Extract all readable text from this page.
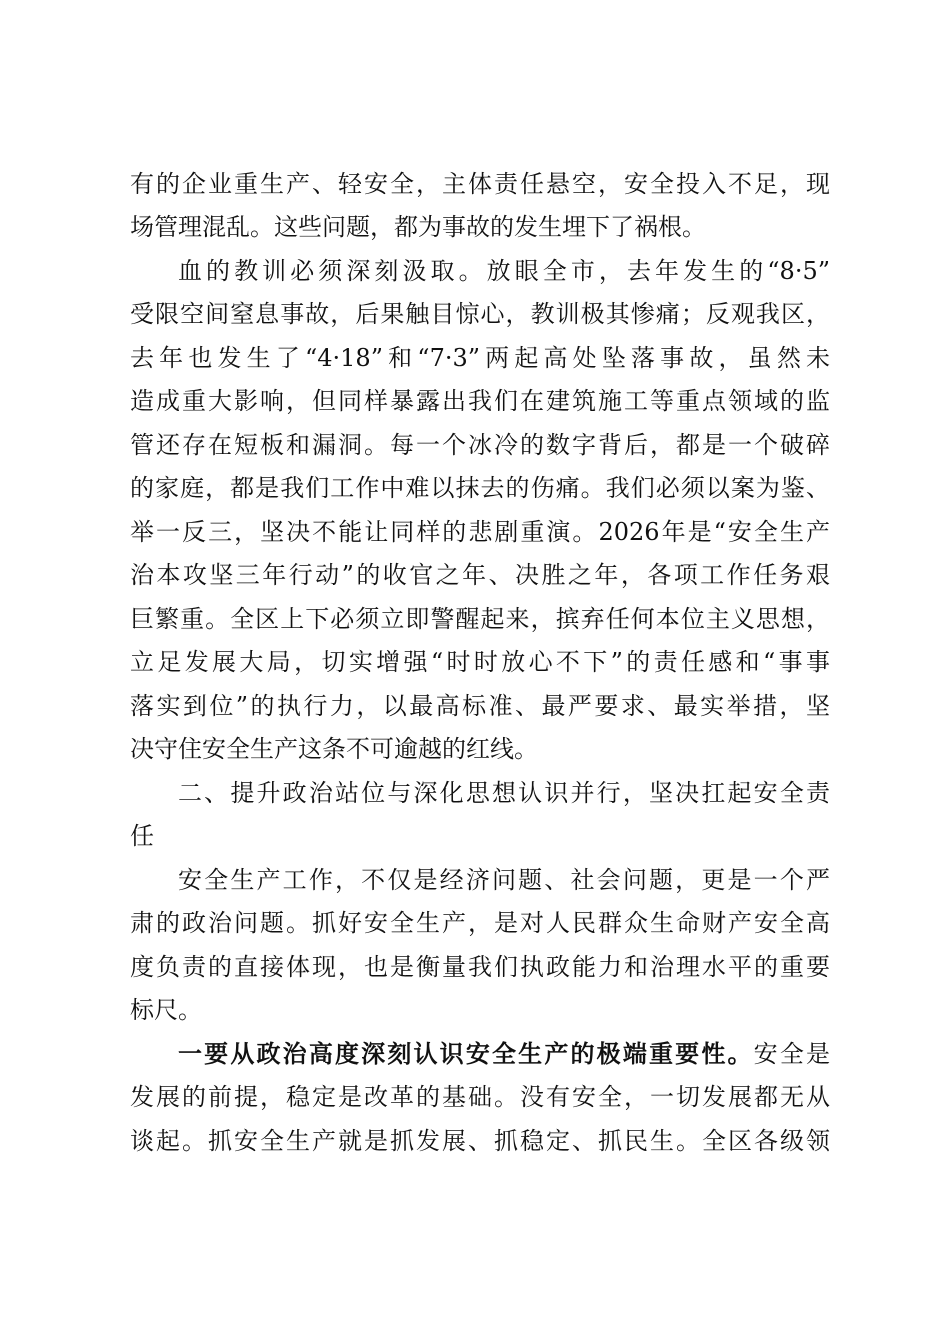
有的企业重生产、轻安全，主体责任悬空，安全投入不足，现
场管理混乱。这些问题，都为事故的发生埋下了祸根。
血的教训必须深刻汲取。放眼全市，去年发生的“8·5”
受限空间窒息事故，后果触目惊心，教训极其惨痛；反观我区，
去年也发生了“4·18”和“7·3”两起高处坠落事故，虽然未
造成重大影响，但同样暴露出我们在建筑施工等重点领域的监
管还存在短板和漏洞。每一个冰冷的数字背后，都是一个破碎
的家庭，都是我们工作中难以抹去的伤痛。我们必须以案为鉴、
举一反三，坚决不能让同样的悲剧重演。2026年是“安全生产
治本攻坚三年行动”的收官之年、决胜之年，各项工作任务艰
巨繁重。全区上下必须立即警醒起来，摈弃任何本位主义思想，
立足发展大局，切实增强“时时放心不下”的责任感和“事事
落实到位”的执行力，以最高标准、最严要求、最实举措，坚
决守住安全生产这条不可逾越的红线。
二、提升政治站位与深化思想认识并行，坚决扛起安全责
任
安全生产工作，不仅是经济问题、社会问题，更是一个严
肃的政治问题。抓好安全生产，是对人民群众生命财产安全高
度负责的直接体现，也是衡量我们执政能力和治理水平的重要
标尺。
一要从政治高度深刻认识安全生产的极端重要性。安全是
发展的前提，稳定是改革的基础。没有安全，一切发展都无从
谈起。抓安全生产就是抓发展、抓稳定、抓民生。全区各级领
